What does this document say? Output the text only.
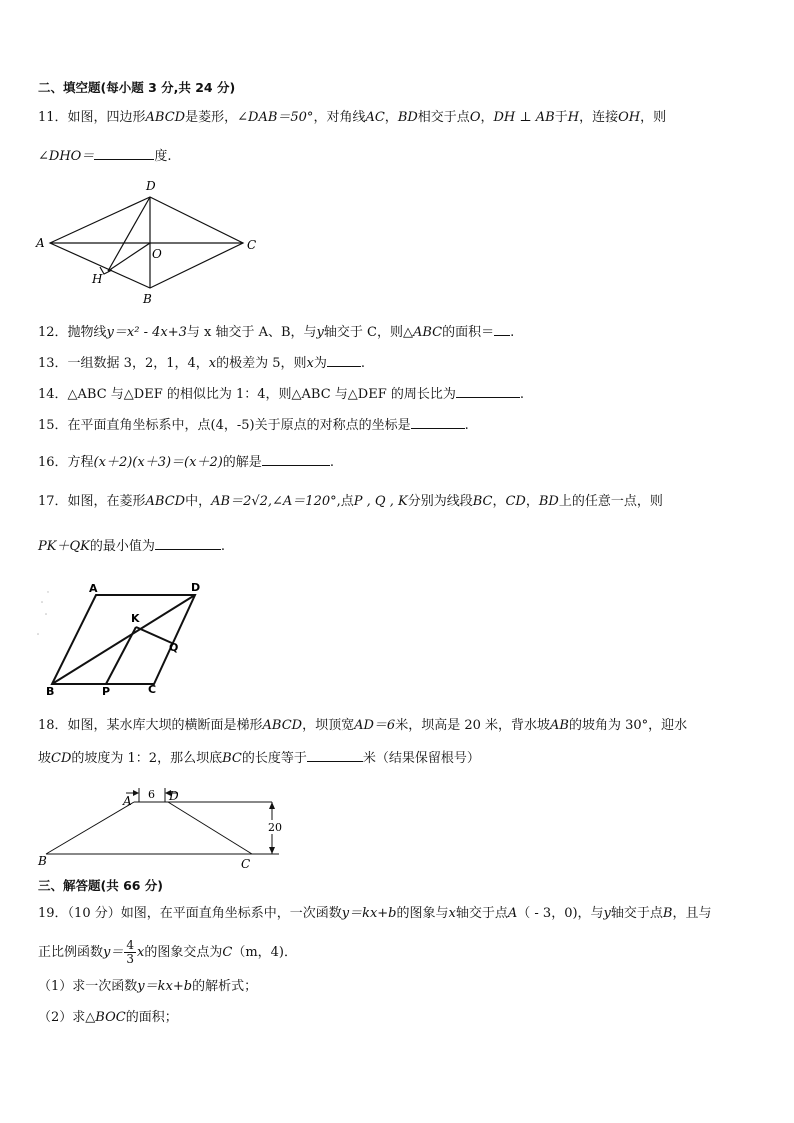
二、填空题(每小题 3 分,共 24 分)
11．如图，四边形ABCD是菱形，∠DAB＝50°，对角线AC，BD相交于点O，DH ⊥ AB于H，连接OH，则
∠DHO＝	度.
A
D
C
B
O
H
12．抛物线y＝x² - 4x+3与 x 轴交于 A、B，与y轴交于 C，则△ABC的面积＝ .
13．一组数据 3，2，1，4，x的极差为 5，则x为	.
14．△ABC 与△DEF 的相似比为 1：4，则△ABC 与△DEF 的周长比为	.
15．在平面直角坐标系中，点(4，-5)关于原点的对称点的坐标是	.
16．方程(x＋2)(x＋3)＝(x＋2)的解是	.
17．如图，在菱形ABCD中，AB＝2√2,∠A＝120°,点P , Q , K分别为线段BC，CD，BD上的任意一点，则
PK＋QK的最小值为	.
A	D
K
Q
B	P	C
18．如图，某水库大坝的横断面是梯形ABCD，坝顶宽AD＝6米，坝高是 20 米，背水坡AB的坡角为 30°，迎水
坡CD的坡度为 1：2，那么坝底BC的长度等于	米（结果保留根号）
6
20
A	D
B	C
三、解答题(共 66 分)
19．（10 分）如图，在平面直角坐标系中，一次函数y＝kx+b的图象与x轴交于点A（ - 3，0)，与y轴交于点B，且与
正比例函数$y= \frac{4}{3}$ x的图象交点为C（m，4)．
（1）求一次函数y＝kx+b的解析式；
（2）求△BOC的面积；
